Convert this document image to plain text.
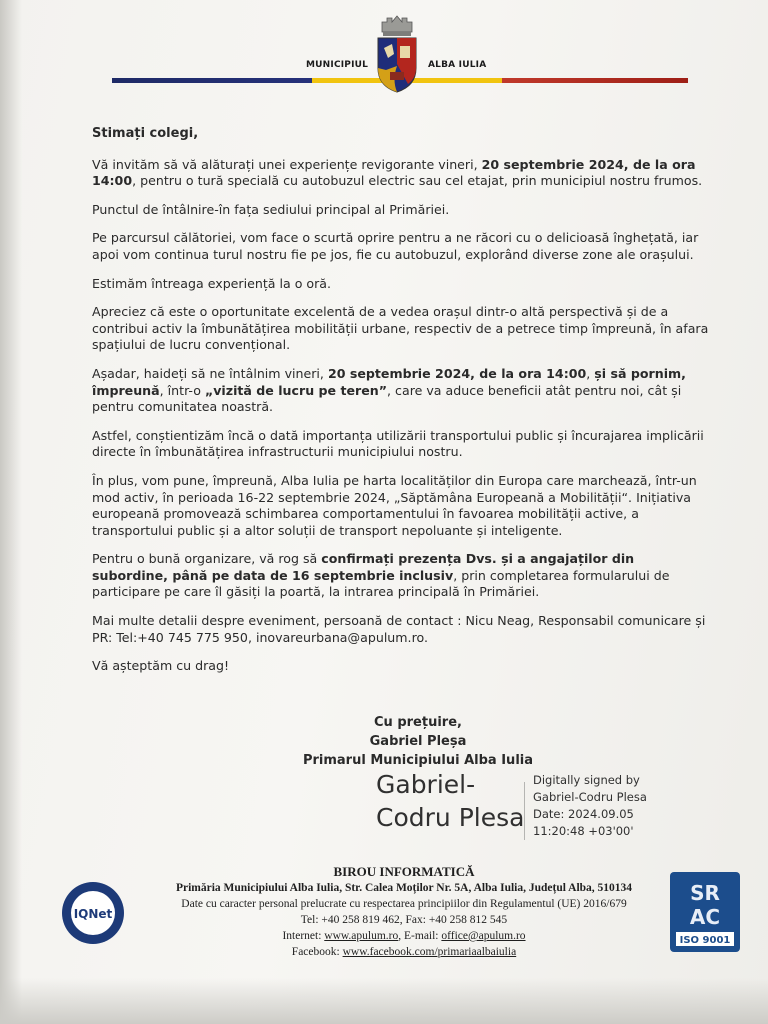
MUNICIPIUL	ALBA IULIA

Stimați colegi,

Vă invităm să vă alăturați unei experiențe revigorante vineri, 20 septembrie 2024, de la ora 14:00, pentru o tură specială cu autobuzul electric sau cel etajat, prin municipiul nostru frumos.

Punctul de întâlnire-în fața sediului principal al Primăriei.

Pe parcursul călătoriei, vom face o scurtă oprire pentru a ne răcori cu o delicioasă înghețată, iar apoi vom continua turul nostru fie pe jos, fie cu autobuzul, explorând diverse zone ale orașului.

Estimăm întreaga experiență la o oră.

Apreciez că este o oportunitate excelentă de a vedea orașul dintr-o altă perspectivă și de a contribui activ la îmbunătățirea mobilității urbane, respectiv de a petrece timp împreună, în afara spațiului de lucru convențional.

Așadar, haideți să ne întâlnim vineri, 20 septembrie 2024, de la ora 14:00, și să pornim, împreună, într-o „vizită de lucru pe teren”, care va aduce beneficii atât pentru noi, cât și pentru comunitatea noastră.

Astfel, conștientizăm încă o dată importanța utilizării transportului public și încurajarea implicării directe în îmbunătățirea infrastructurii municipiului nostru.

În plus, vom pune, împreună, Alba Iulia pe harta localităților din Europa care marchează, într-un mod activ, în perioada 16-22 septembrie 2024, „Săptămâna Europeană a Mobilității“. Inițiativa europeană promovează schimbarea comportamentului în favoarea mobilității active, a transportului public și a altor soluții de transport nepoluante și inteligente.

Pentru o bună organizare, vă rog să confirmați prezența Dvs. și a angajaților din subordine, până pe data de 16 septembrie inclusiv, prin completarea formularului de participare pe care îl găsiți la poartă, la intrarea principală în Primăriei.

Mai multe detalii despre eveniment, persoană de contact : Nicu Neag, Responsabil comunicare și PR: Tel:+40 745 775 950, inovareurbana@apulum.ro.

Vă așteptăm cu drag!

Cu prețuire,
Gabriel Pleșa
Primarul Municipiului Alba Iulia
Gabriel-
Codru Plesa
Digitally signed by
Gabriel-Codru Plesa
Date: 2024.09.05
11:20:48 +03'00'
BIROU INFORMATICĂ
Primăria Municipiului Alba Iulia, Str. Calea Moților Nr. 5A, Alba Iulia, Județul Alba, 510134
Date cu caracter personal prelucrate cu respectarea principiilor din Regulamentul (UE) 2016/679
Tel: +40 258 819 462, Fax: +40 258 812 545
Internet: www.apulum.ro, E-mail: office@apulum.ro
Facebook: www.facebook.com/primariaalbaiulia
IQNet
SR
AC
ISO 9001
